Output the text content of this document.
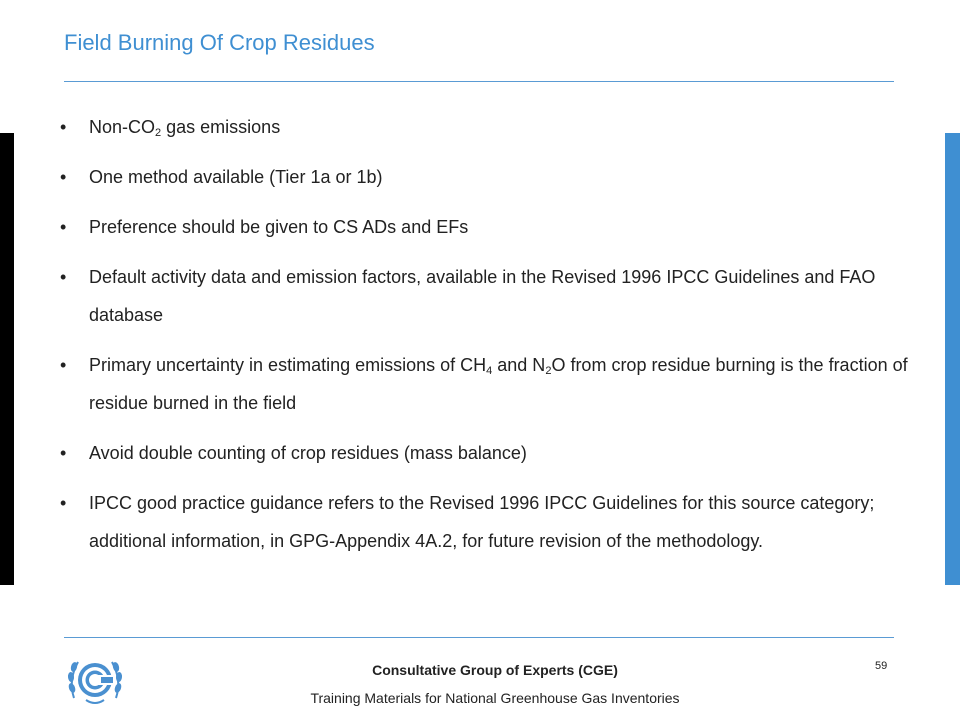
Field Burning Of Crop Residues
• Non-$CO_2$ gas emissions
• One method available (Tier 1a or 1b)
• Preference should be given to CS ADs and EFs
• Default activity data and emission factors, available in the Revised 1996 IPCC Guidelines and FAO database
• Primary uncertainty in estimating emissions of $CH_4$ and $N_2O$ from crop residue burning is the fraction of residue burned in the field
• Avoid double counting of crop residues (mass balance)
• IPCC good practice guidance refers to the Revised 1996 IPCC Guidelines for this source category; additional information, in GPG-Appendix 4A.2, for future revision of the methodology.
Consultative Group of Experts (CGE)
Training Materials for National Greenhouse Gas Inventories
59
